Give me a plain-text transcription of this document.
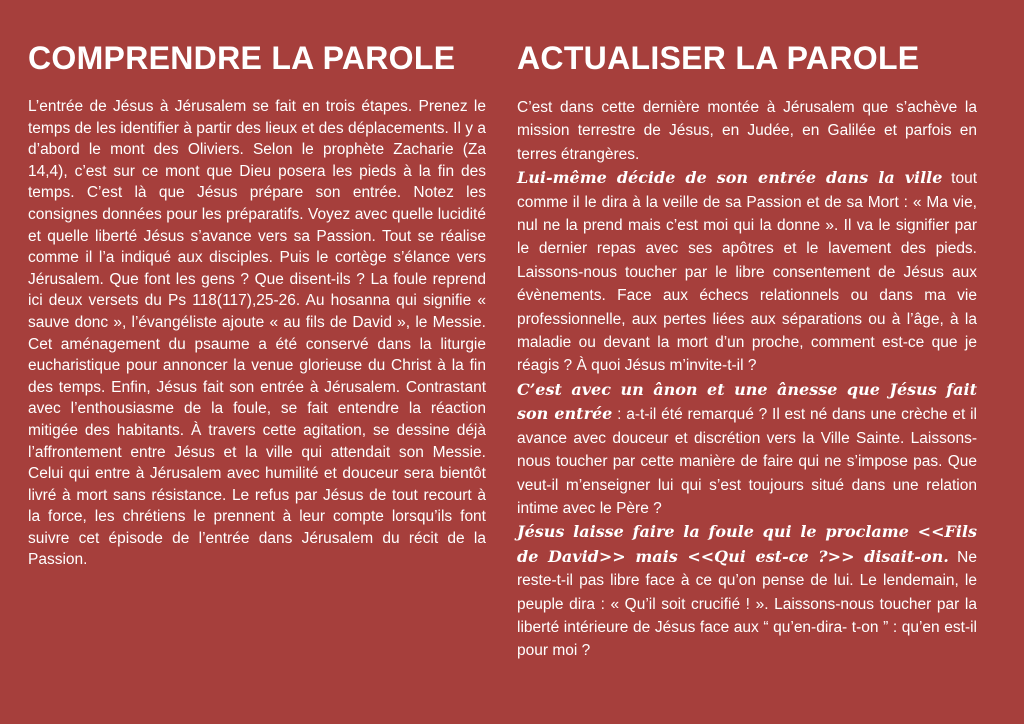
COMPRENDRE LA PAROLE

L’entrée de Jésus à Jérusalem se fait en trois étapes. Prenez le temps de les identifier à partir des lieux et des déplacements. Il y a d’abord le mont des Oliviers. Selon le prophète Zacharie (Za 14,4), c’est sur ce mont que Dieu posera les pieds à la fin des temps. C’est là que Jésus prépare son entrée. Notez les consignes données pour les préparatifs. Voyez avec quelle lucidité et quelle liberté Jésus s’avance vers sa Passion. Tout se réalise comme il l’a indiqué aux disciples. Puis le cortège s’élance vers Jérusalem. Que font les gens ? Que disent-ils ? La foule reprend ici deux versets du Ps 118(117),25-26. Au hosanna qui signifie « sauve donc », l’évangéliste ajoute « au fils de David », le Messie. Cet aménagement du psaume a été conservé dans la liturgie eucharistique pour annoncer la venue glorieuse du Christ à la fin des temps. Enfin, Jésus fait son entrée à Jérusalem. Contrastant avec l’enthousiasme de la foule, se fait entendre la réaction mitigée des habitants. À travers cette agitation, se dessine déjà l’affrontement entre Jésus et la ville qui attendait son Messie. Celui qui entre à Jérusalem avec humilité et douceur sera bientôt livré à mort sans résistance. Le refus par Jésus de tout recourt à la force, les chrétiens le prennent à leur compte lorsqu’ils font suivre cet épisode de l’entrée dans Jérusalem du récit de la Passion.

ACTUALISER LA PAROLE

C’est dans cette dernière montée à Jérusalem que s’achève la mission terrestre de Jésus, en Judée, en Galilée et parfois en terres étrangères.

Lui-même décide de son entrée dans la ville tout comme il le dira à la veille de sa Passion et de sa Mort : « Ma vie, nul ne la prend mais c’est moi qui la donne ». Il va le signifier par le dernier repas avec ses apôtres et le lavement des pieds. Laissons-nous toucher par le libre consentement de Jésus aux évènements. Face aux échecs relationnels ou dans ma vie professionnelle, aux pertes liées aux séparations ou à l’âge, à la maladie ou devant la mort d’un proche, comment est-ce que je réagis ? À quoi Jésus m’invite-t-il ?

C’est avec un ânon et une ânesse que Jésus fait son entrée : a-t-il été remarqué ? Il est né dans une crèche et il avance avec douceur et discrétion vers la Ville Sainte. Laissons-nous toucher par cette manière de faire qui ne s’impose pas. Que veut-il m’enseigner lui qui s’est toujours situé dans une relation intime avec le Père ?

Jésus laisse faire la foule qui le proclame <<Fils de David>> mais <<Qui est-ce ?>> disait-on. Ne reste-t-il pas libre face à ce qu’on pense de lui. Le lendemain, le peuple dira : « Qu’il soit crucifié ! ». Laissons-nous toucher par la liberté intérieure de Jésus face aux “ qu’en-dira- t-on ” : qu’en est-il pour moi ?
